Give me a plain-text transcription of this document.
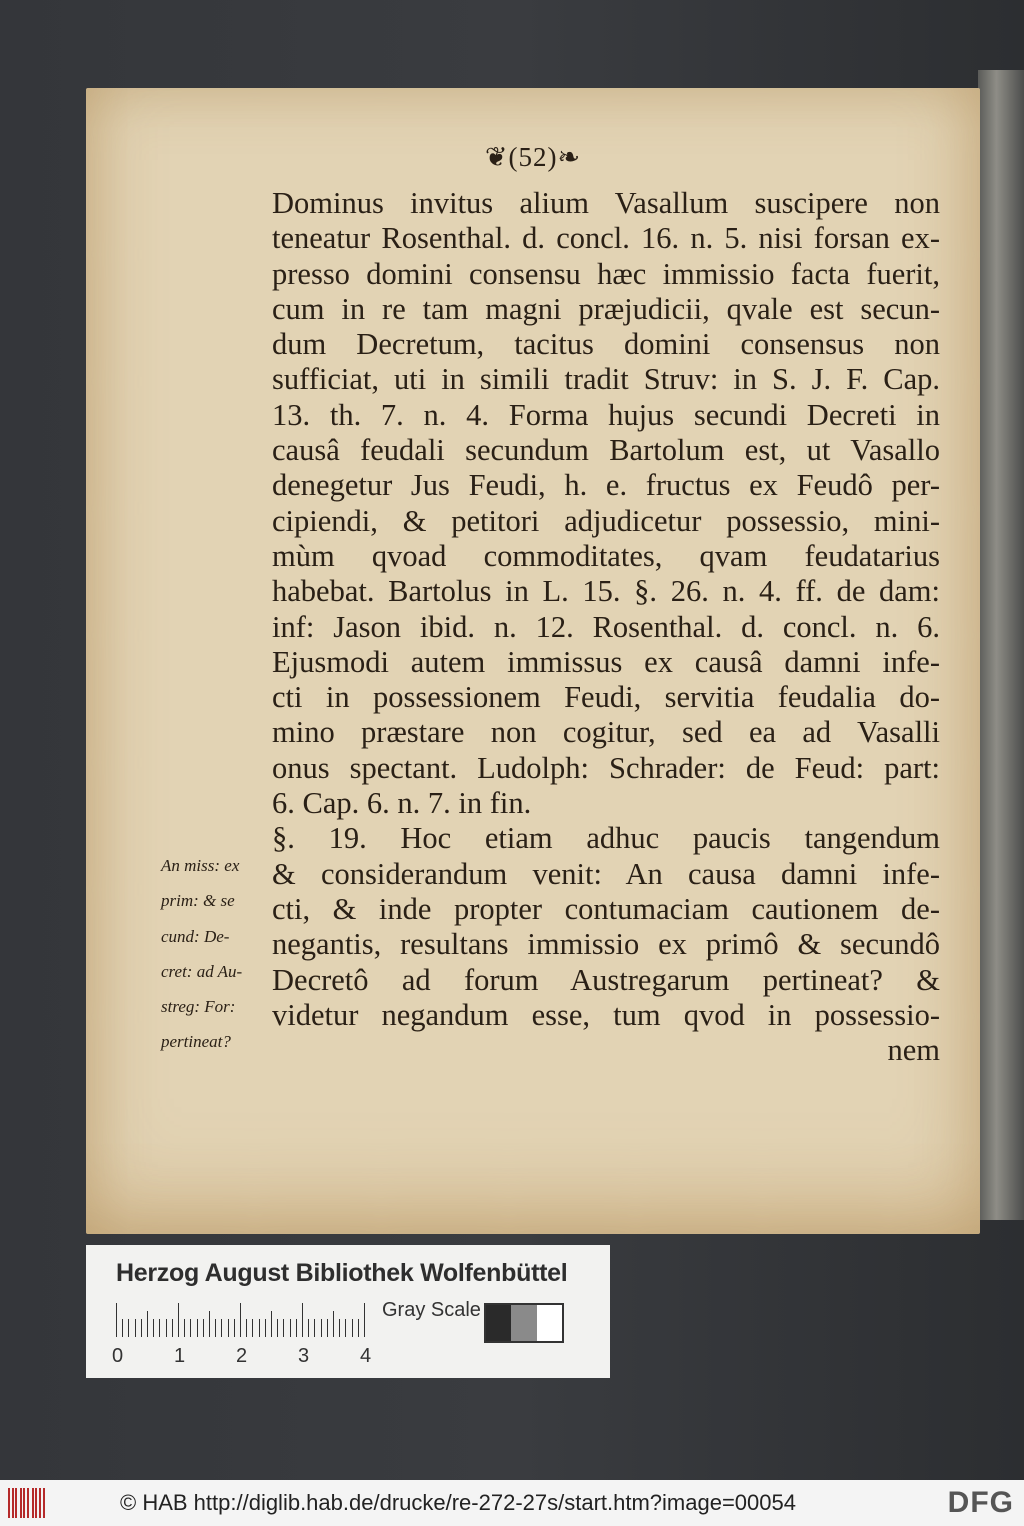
❦(52)❧
Dominus invitus alium Vasallum suscipere non
teneatur Rosenthal. d. concl. 16. n. 5. nisi forsan ex-
presso domini consensu hæc immissio facta fuerit,
cum in re tam magni præjudicii, qvale est secun-
dum Decretum, tacitus domini consensus non
sufficiat, uti in simili tradit Struv: in S. J. F. Cap.
13. th. 7. n. 4. Forma hujus secundi Decreti in
causâ feudali secundum Bartolum est, ut Vasallo
denegetur Jus Feudi, h. e. fructus ex Feudô per-
cipiendi, & petitori adjudicetur possessio, mini-
mùm qvoad commoditates, qvam feudatarius
habebat. Bartolus in L. 15. §. 26. n. 4. ff. de dam:
inf: Jason ibid. n. 12. Rosenthal. d. concl. n. 6.
Ejusmodi autem immissus ex causâ damni infe-
cti in possessionem Feudi, servitia feudalia do-
mino præstare non cogitur, sed ea ad Vasalli
onus spectant. Ludolph: Schrader: de Feud: part:
6. Cap. 6. n. 7. in fin.
§. 19. Hoc etiam adhuc paucis tangendum
& considerandum venit: An causa damni infe-
cti, & inde propter contumaciam cautionem de-
negantis, resultans immissio ex primô & secundô
Decretô ad forum Austregarum pertineat? &
videtur negandum esse, tum qvod in possessio-
nem
An miss: ex
prim: & se
cund: De-
cret: ad Au-
streg: For:
pertineat?
Herzog August Bibliothek Wolfenbüttel
0	1	2	3	4
Gray Scale
© HAB http://diglib.hab.de/drucke/re-272-27s/start.htm?image=00054	DFG
